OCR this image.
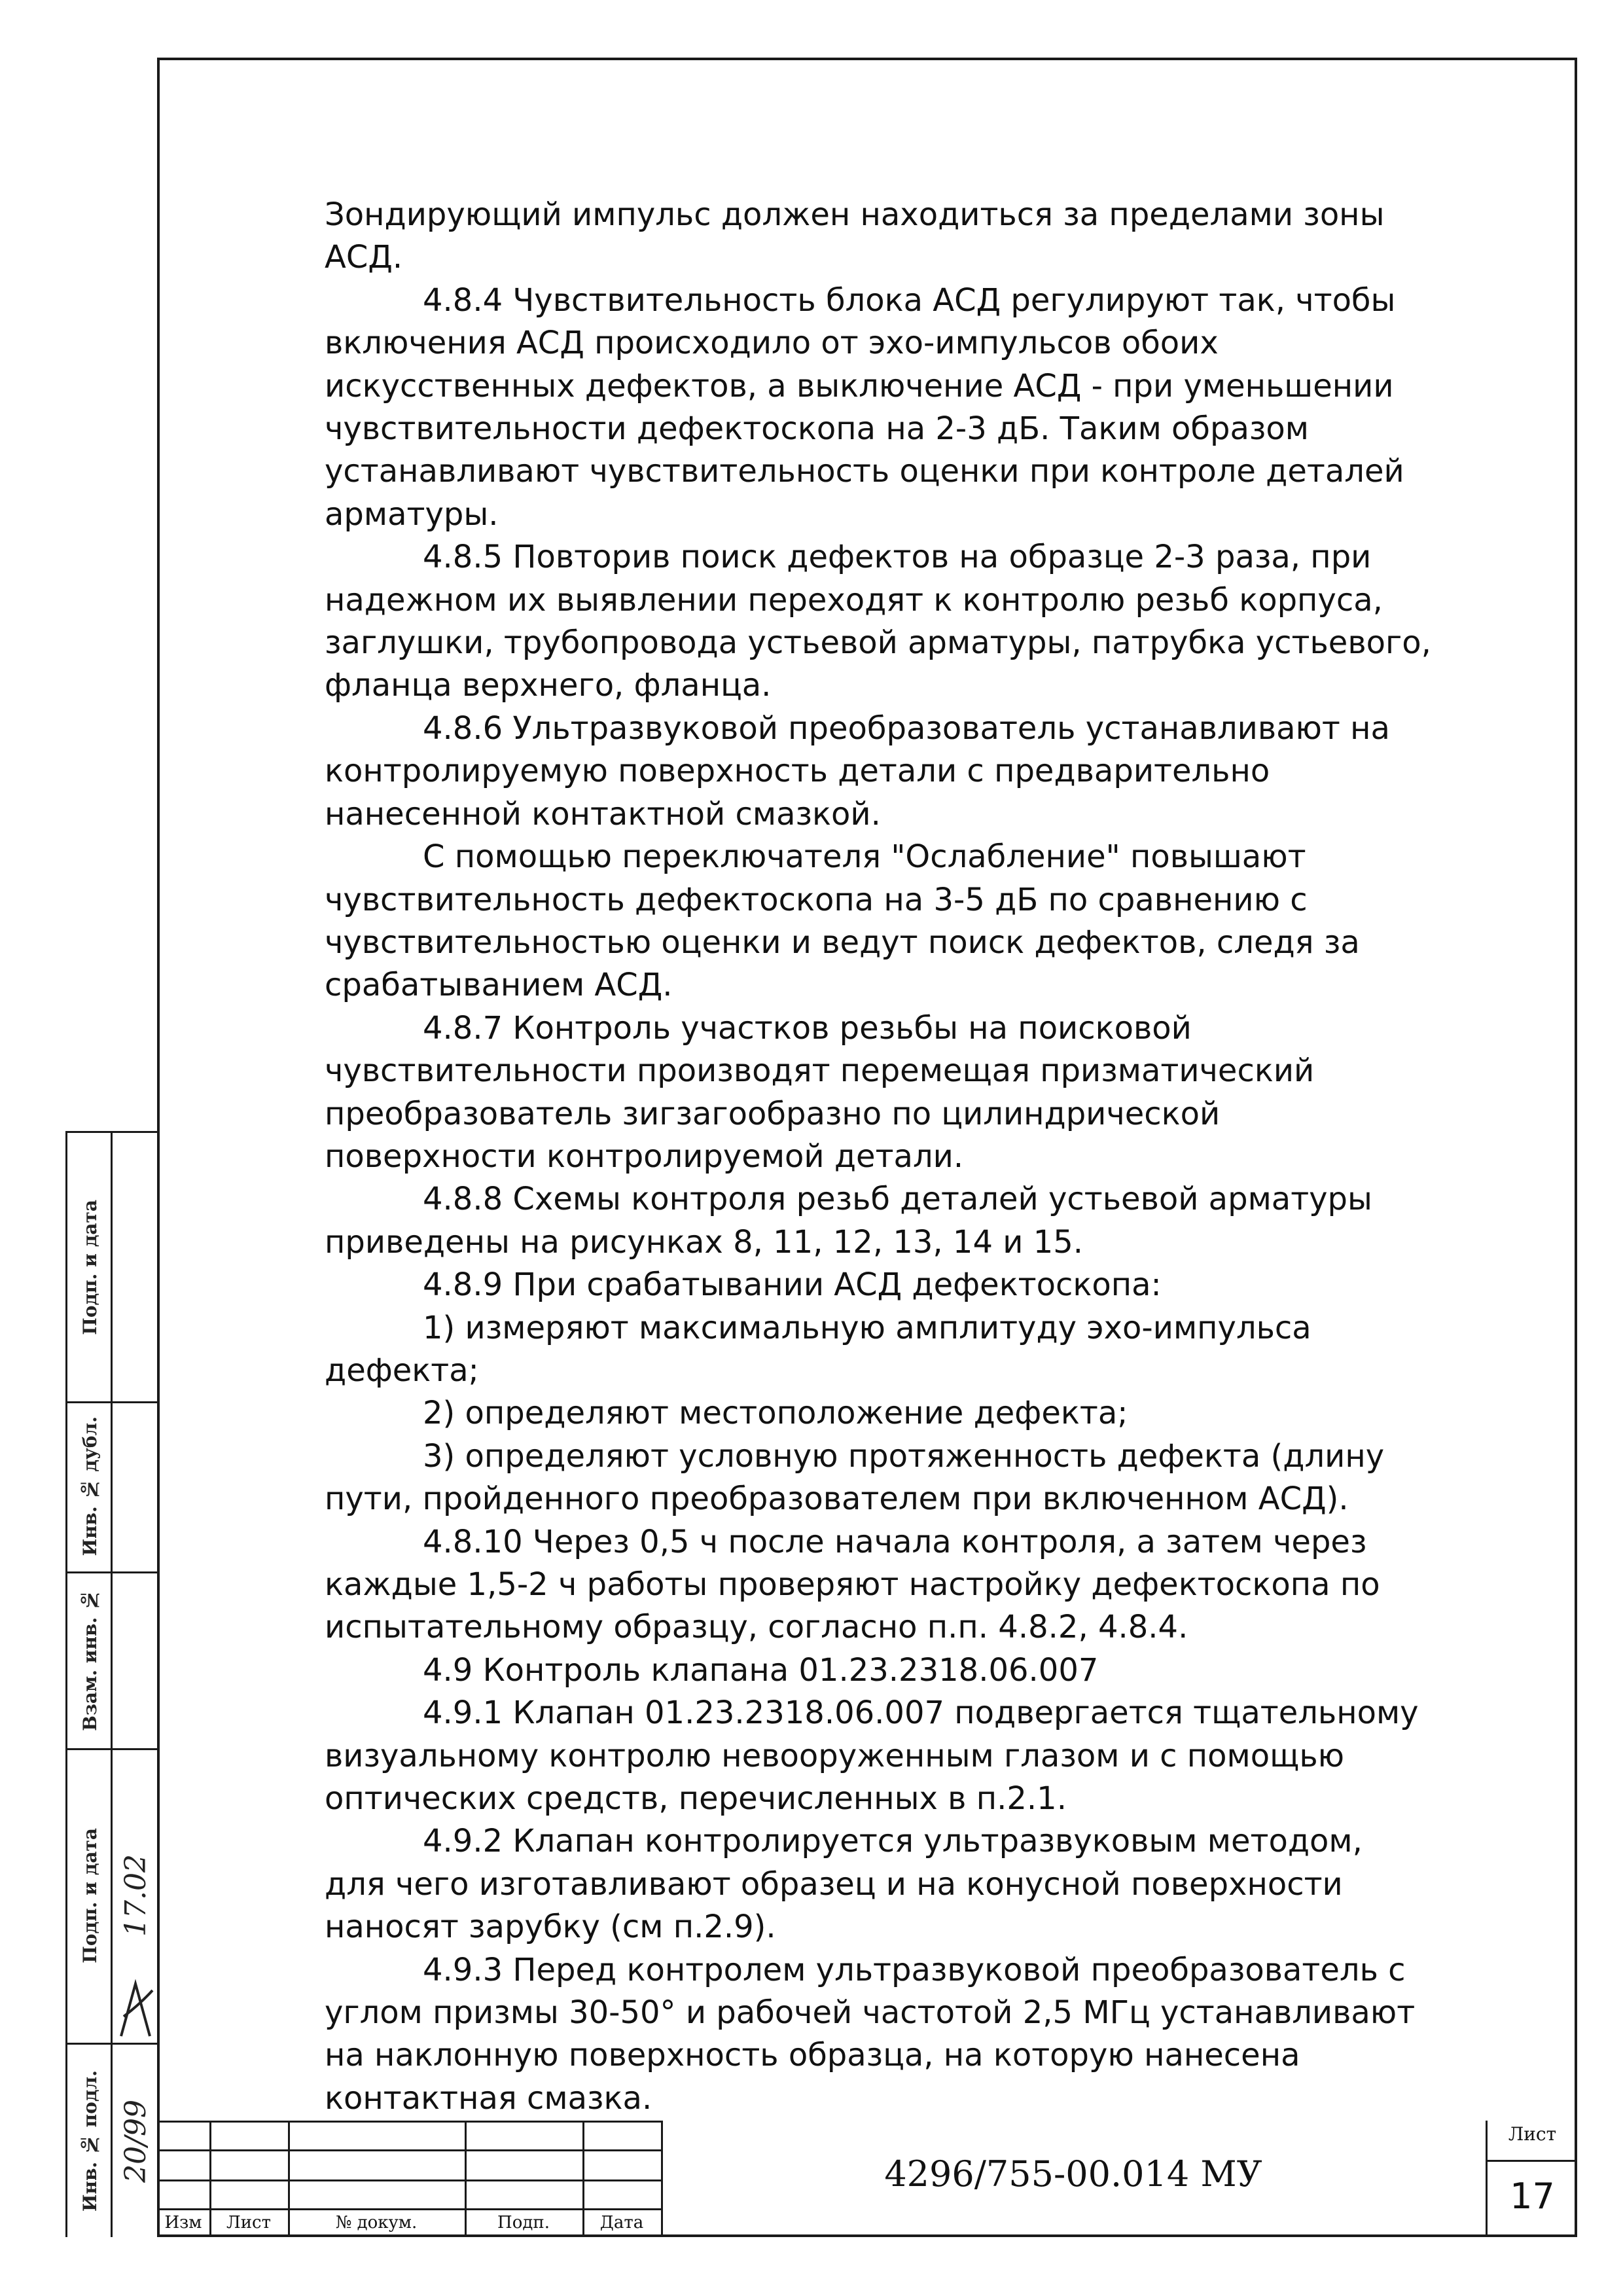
Зондирующий импульс должен находиться за пределами зоны

АСД.

4.8.4 Чувствительность блока АСД регулируют так, чтобы

включения АСД происходило от эхо-импульсов обоих

искусственных дефектов, а выключение АСД - при уменьшении

чувствительности дефектоскопа на 2-3 дБ. Таким образом

устанавливают чувствительность оценки при контроле деталей

арматуры.

4.8.5 Повторив поиск дефектов на образце 2-3 раза, при

надежном их выявлении переходят к контролю резьб корпуса,

заглушки, трубопровода устьевой арматуры, патрубка устьевого,

фланца верхнего, фланца.

4.8.6 Ультразвуковой преобразователь устанавливают на

контролируемую поверхность детали с предварительно

нанесенной контактной смазкой.

С помощью переключателя "Ослабление" повышают

чувствительность дефектоскопа на 3-5 дБ по сравнению с

чувствительностью оценки и ведут поиск дефектов, следя за

срабатыванием АСД.

4.8.7 Контроль участков резьбы на поисковой

чувствительности производят перемещая призматический

преобразователь зигзагообразно по цилиндрической

поверхности контролируемой детали.

4.8.8 Схемы контроля резьб деталей устьевой арматуры

приведены на рисунках 8, 11, 12, 13, 14 и 15.

4.8.9 При срабатывании АСД дефектоскопа:

1) измеряют максимальную амплитуду эхо-импульса

дефекта;

2) определяют местоположение дефекта;

3) определяют условную протяженность дефекта (длину

пути, пройденного преобразователем при включенном АСД).

4.8.10 Через 0,5 ч после начала контроля, а затем через

каждые 1,5-2 ч работы проверяют настройку дефектоскопа по

испытательному образцу, согласно п.п. 4.8.2, 4.8.4.

4.9 Контроль клапана 01.23.2318.06.007

4.9.1 Клапан 01.23.2318.06.007 подвергается тщательному

визуальному контролю невооруженным глазом и с помощью

оптических средств, перечисленных в п.2.1.

4.9.2 Клапан контролируется ультразвуковым методом,

для чего изготавливают образец и на конусной поверхности

наносят зарубку (см п.2.9).

4.9.3 Перед контролем ультразвуковой преобразователь с

углом призмы 30-50° и рабочей частотой 2,5 МГц устанавливают

на наклонную поверхность образца, на которую нанесена

контактная смазка.

Подп. и дата
Инв. № дубл.
Взам. инв. №
Подп. и дата
Инв. № подл.
17.02
20/99
Изм	Лист	№ докум.	Подп.	Дата
4296/755-00.014 МУ
Лист
17
